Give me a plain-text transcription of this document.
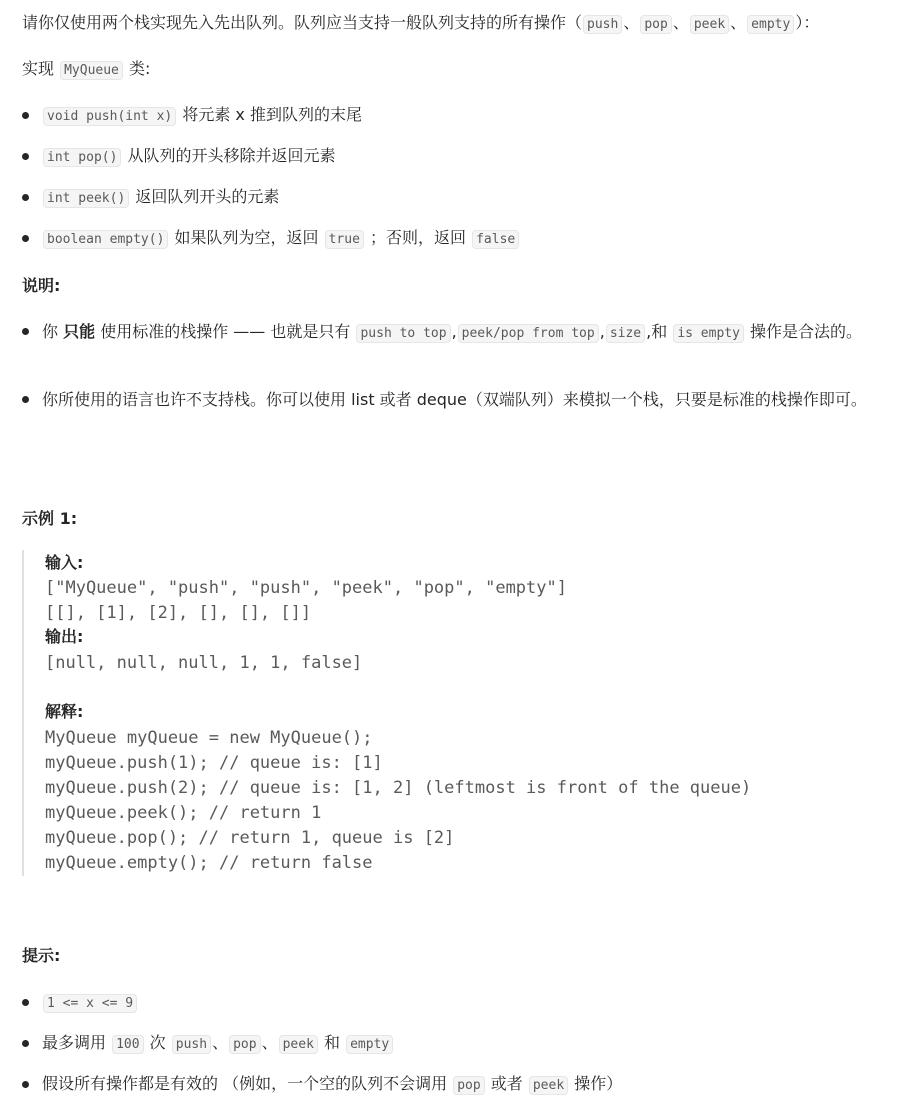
请你仅使用两个栈实现先入先出队列。队列应当支持一般队列支持的所有操作（ push 、 pop 、 peek 、 empty ）：
实现 MyQueue 类:
void push(int x) 将元素 x 推到队列的末尾
int pop() 从队列的开头移除并返回元素
int peek() 返回队列开头的元素
boolean empty() 如果队列为空，返回 true ；否则，返回 false
说明:
你 只能 使用标准的栈操作 —— 也就是只有 push to top , peek/pop from top , size ,和 is empty 操作是合法的。
你所使用的语言也许不支持栈。你可以使用 list 或者 deque（双端队列）来模拟一个栈，只要是标准的栈操作即可。
示例 1:
输入:
["MyQueue", "push", "push", "peek", "pop", "empty"]
[[], [1], [2], [], [], []]
输出:
[null, null, null, 1, 1, false]
解释:
MyQueue myQueue = new MyQueue();
myQueue.push(1); // queue is: [1]
myQueue.push(2); // queue is: [1, 2] (leftmost is front of the queue)
myQueue.peek(); // return 1
myQueue.pop(); // return 1, queue is [2]
myQueue.empty(); // return false
提示:
1 <= x <= 9
最多调用 100 次 push 、 pop 、 peek 和 empty
假设所有操作都是有效的 （例如，一个空的队列不会调用 pop 或者 peek 操作）
